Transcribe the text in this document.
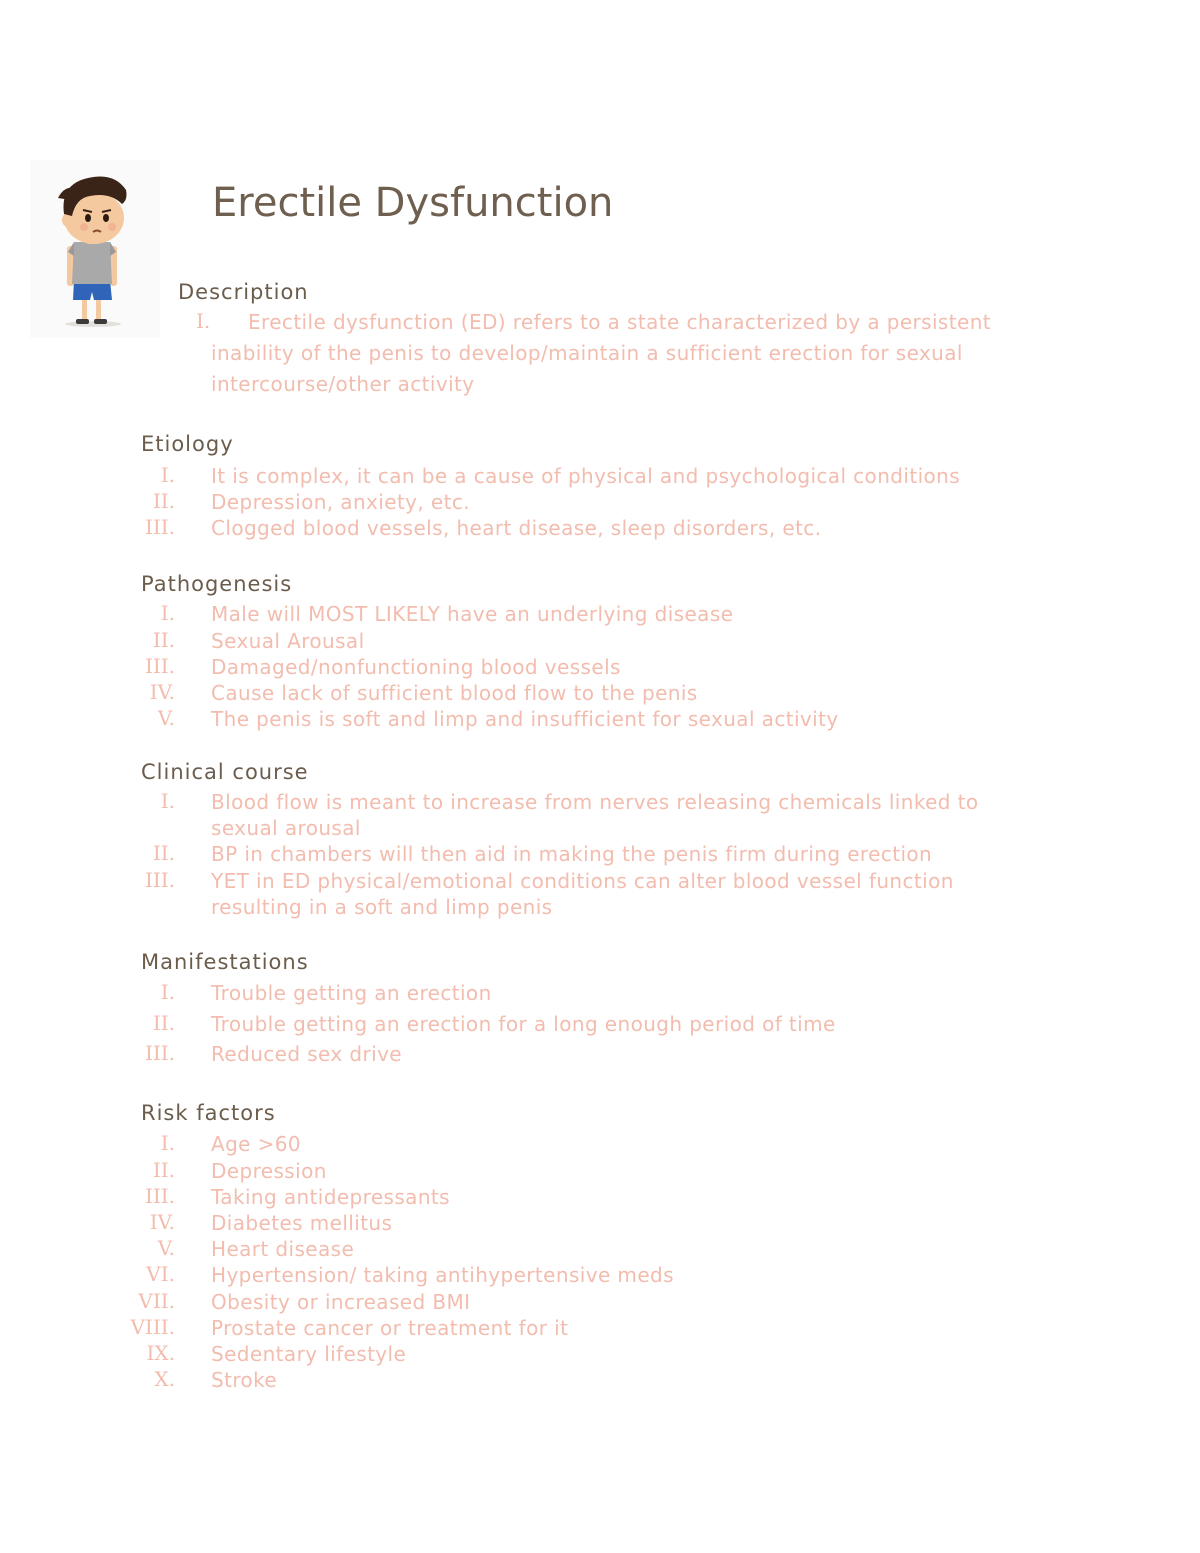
Erectile Dysfunction
Description
I.	Erectile dysfunction (ED) refers to a state characterized by a persistent inability of the penis to develop/maintain a sufficient erection for sexual intercourse/other activity
Etiology
I. It is complex, it can be a cause of physical and psychological conditions
II. Depression, anxiety, etc.
III. Clogged blood vessels, heart disease, sleep disorders, etc.
Pathogenesis
I. Male will MOST LIKELY have an underlying disease
II. Sexual Arousal
III. Damaged/nonfunctioning blood vessels
IV. Cause lack of sufficient blood flow to the penis
V. The penis is soft and limp and insufficient for sexual activity
Clinical course
I. Blood flow is meant to increase from nerves releasing chemicals linked to sexual arousal
II. BP in chambers will then aid in making the penis firm during erection
III. YET in ED physical/emotional conditions can alter blood vessel function resulting in a soft and limp penis
Manifestations
I. Trouble getting an erection
II. Trouble getting an erection for a long enough period of time
III. Reduced sex drive
Risk factors
I. Age >60
II. Depression
III. Taking antidepressants
IV. Diabetes mellitus
V. Heart disease
VI. Hypertension/ taking antihypertensive meds
VII. Obesity or increased BMI
VIII. Prostate cancer or treatment for it
IX. Sedentary lifestyle
X. Stroke
